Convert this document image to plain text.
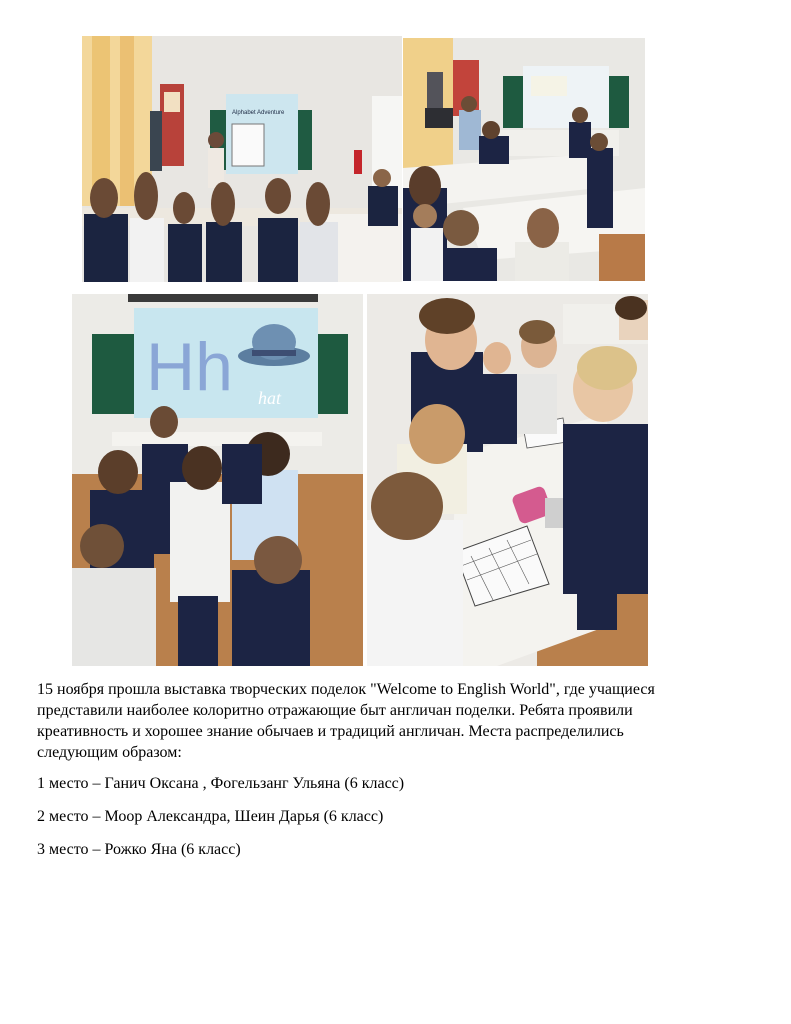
Alphabet Adventure
Hh hat

15 ноября прошла выставка творческих поделок "Welcome to English World", где учащиеся
представили наиболее колоритно отражающие быт англичан поделки. Ребята проявили
креативность и хорошее знание обычаев и традиций англичан. Места распределились
следующим образом:

1 место – Ганич Оксана , Фогельзанг Ульяна (6 класс)

2 место – Моор Александра, Шеин Дарья (6 класс)

3 место – Рожко Яна (6 класс)
